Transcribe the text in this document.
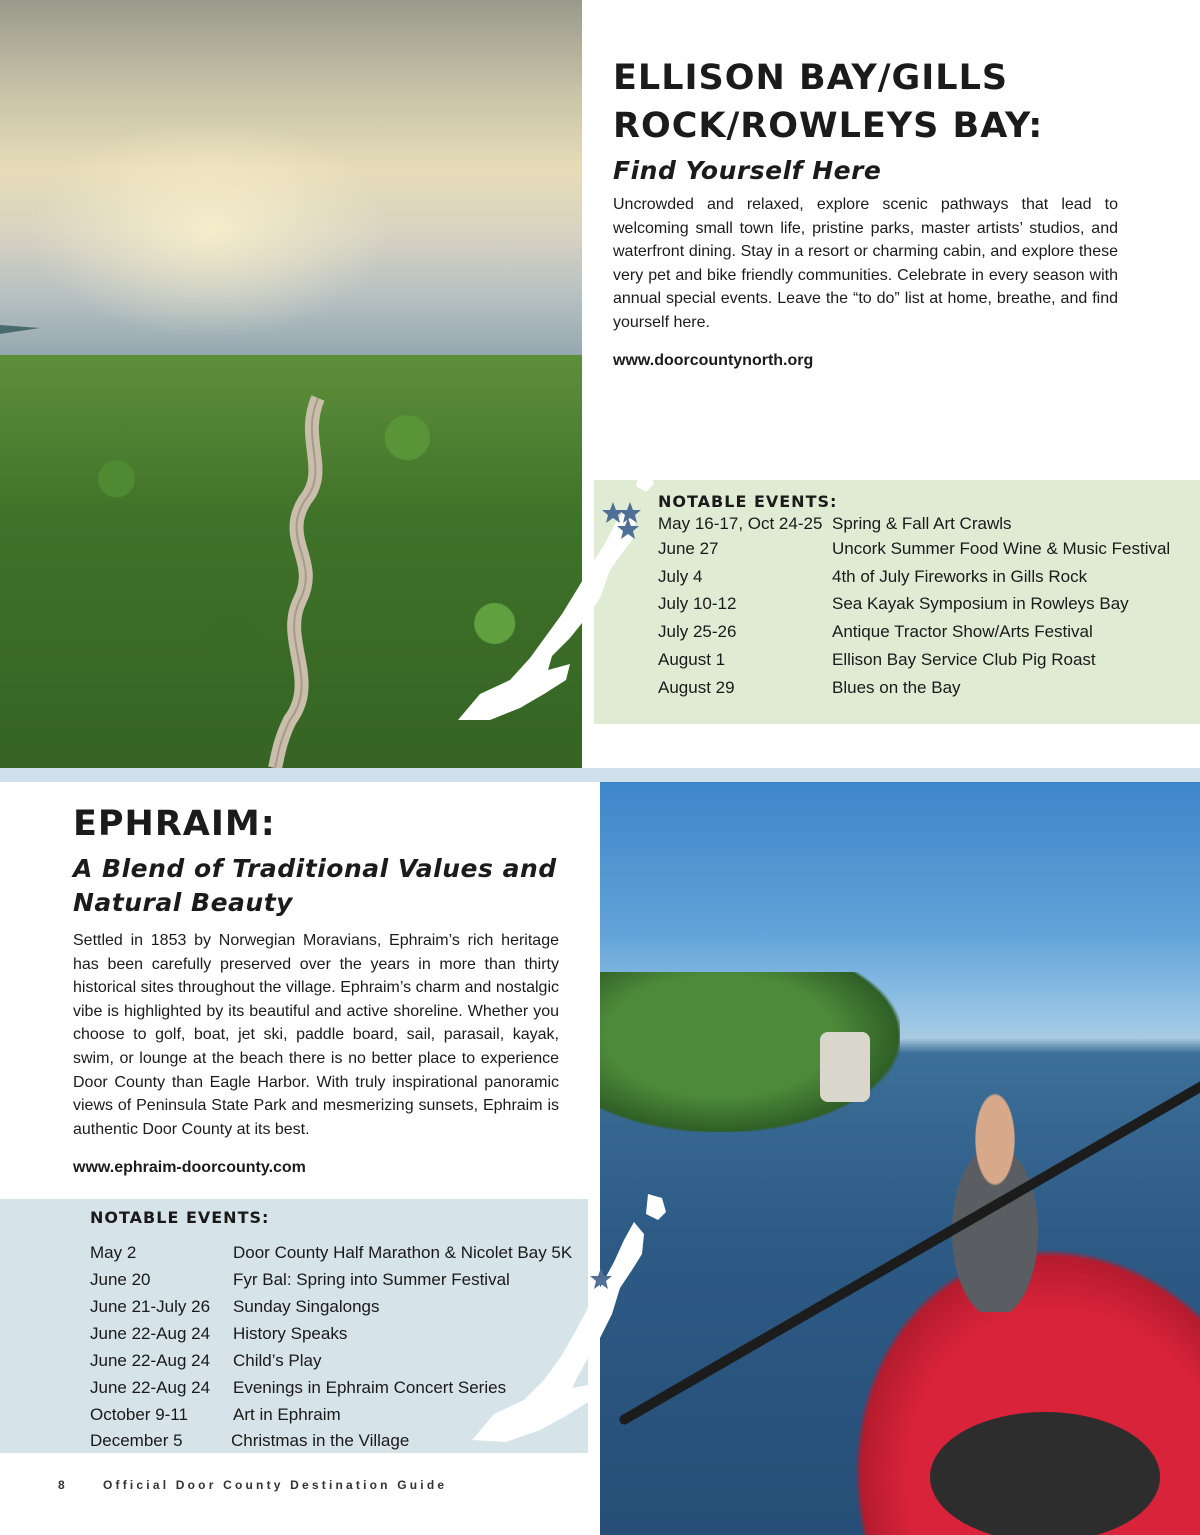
ELLISON BAY/GILLS
ROCK/ROWLEYS BAY:
Find Yourself Here

Uncrowded and relaxed, explore scenic pathways that lead to welcoming small town life, pristine parks, master artists’ studios, and waterfront dining. Stay in a resort or charming cabin, and explore these very pet and bike friendly communities. Celebrate in every season with annual special events. Leave the “to do” list at home, breathe, and find yourself here.

www.doorcountynorth.org
NOTABLE EVENTS:
May 16-17, Oct 24-25 Spring & Fall Art Crawls
June 27	Uncork Summer Food Wine & Music Festival
July 4	4th of July Fireworks in Gills Rock
July 10-12	Sea Kayak Symposium in Rowleys Bay
July 25-26	Antique Tractor Show/Arts Festival
August 1	Ellison Bay Service Club Pig Roast
August 29	Blues on the Bay
EPHRAIM:
A Blend of Traditional Values and
Natural Beauty

Settled in 1853 by Norwegian Moravians, Ephraim’s rich heritage has been carefully preserved over the years in more than thirty historical sites throughout the village. Ephraim’s charm and nostalgic vibe is highlighted by its beautiful and active shoreline. Whether you choose to golf, boat, jet ski, paddle board, sail, parasail, kayak, swim, or lounge at the beach there is no better place to experience Door County than Eagle Harbor. With truly inspirational panoramic views of Peninsula State Park and mesmerizing sunsets, Ephraim is authentic Door County at its best.

www.ephraim-doorcounty.com
NOTABLE EVENTS:
May 2	Door County Half Marathon & Nicolet Bay 5K
June 20	Fyr Bal: Spring into Summer Festival
June 21-July 26 Sunday Singalongs
June 22-Aug 24 History Speaks
June 22-Aug 24 Child’s Play
June 22-Aug 24 Evenings in Ephraim Concert Series
October 9-11	Art in Ephraim
December 5	Christmas in the Village
8	Official Door County Destination Guide
